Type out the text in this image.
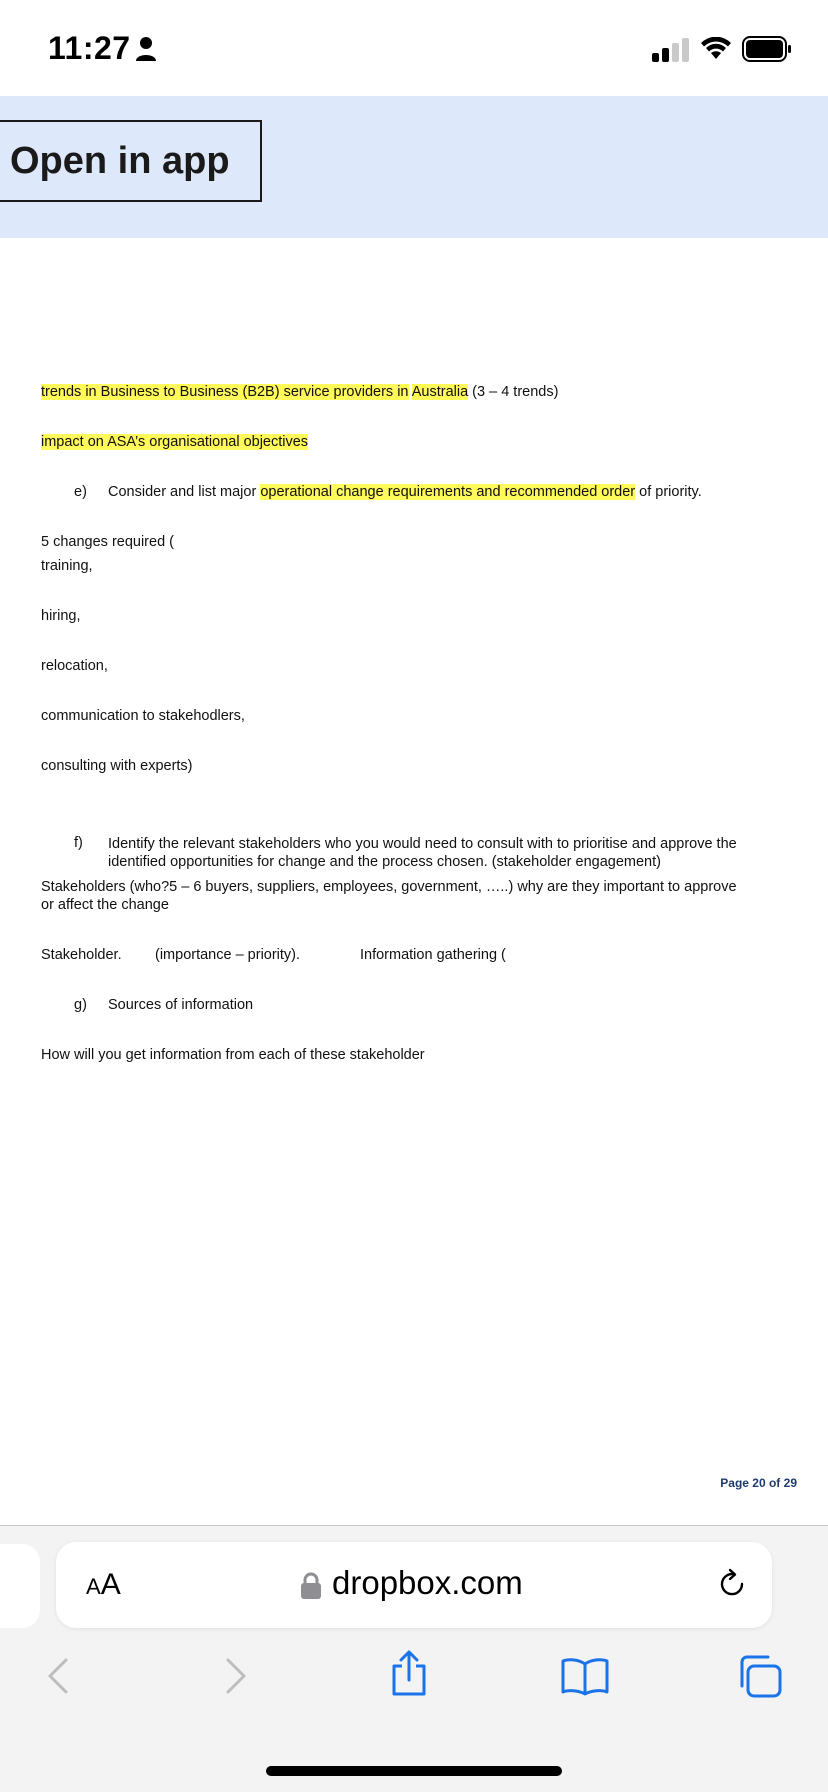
11:27
Open in app
trends in Business to Business (B2B) service providers in Australia (3 – 4 trends)
impact on ASA’s organisational objectives
e) Consider and list major operational change requirements and recommended order of priority.
5 changes required (
training,
hiring,
relocation,
communication to stakehodlers,
consulting with experts)
f) Identify the relevant stakeholders who you would need to consult with to prioritise and approve the
identified opportunities for change and the process chosen. (stakeholder engagement)
Stakeholders (who?5 – 6 buyers, suppliers, employees, government, …..) why are they important to approve
or affect the change
Stakeholder. (importance – priority).	Information gathering (
g) Sources of information
How will you get information from each of these stakeholder
Page 20 of 29
AA	dropbox.com
